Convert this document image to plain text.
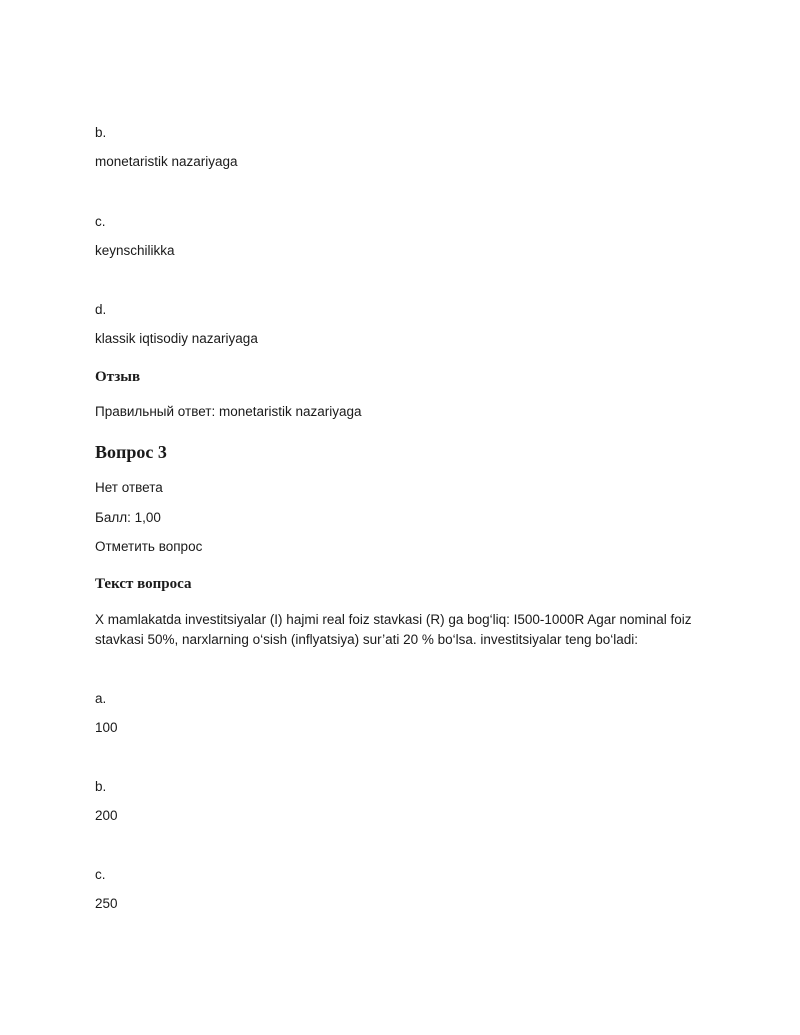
b.

monetaristik nazariyaga

c.

keynschilikka

d.

klassik iqtisodiy nazariyaga

Отзыв

Правильный ответ: monetaristik nazariyaga

Вопрос 3

Нет ответа

Балл: 1,00

Отметить вопрос

Текст вопроса

X mamlakatda investitsiyalar (I) hajmi real foiz stavkasi (R) ga bog‘liq: I500-1000R Agar nominal foiz stavkasi 50%, narxlarning o‘sish (inflyatsiya) sur’ati 20 % bo‘lsa. investitsiyalar teng bo‘ladi:

a.

100

b.

200

c.

250
